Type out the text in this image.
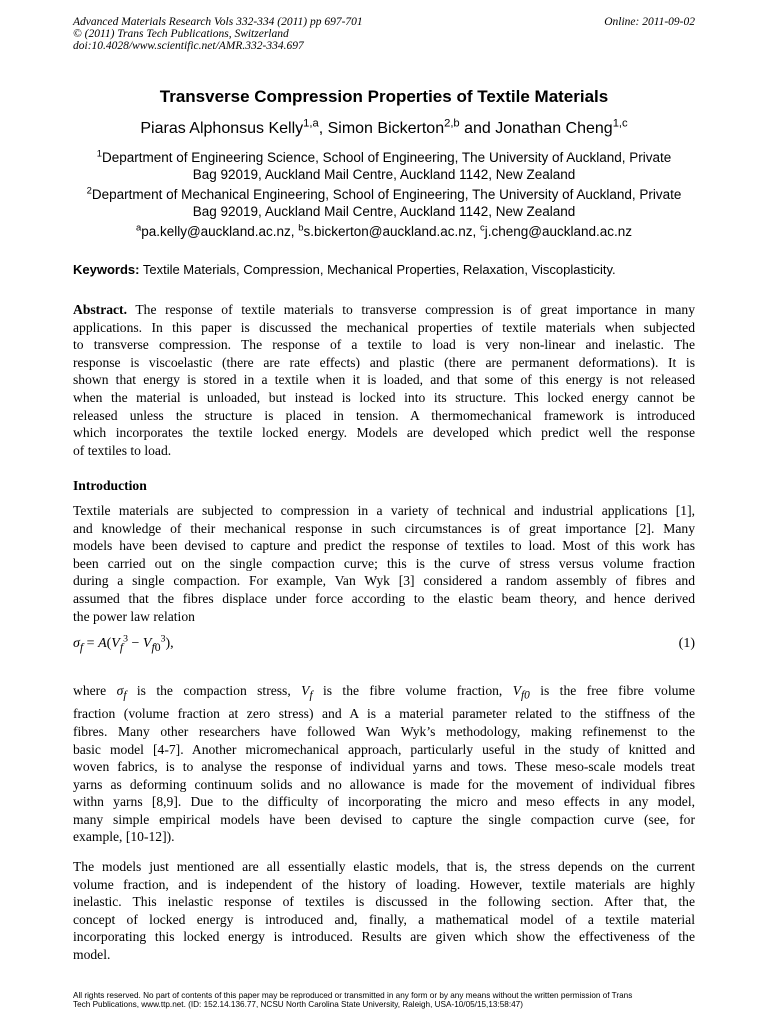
Advanced Materials Research Vols 332-334 (2011) pp 697-701
© (2011) Trans Tech Publications, Switzerland
doi:10.4028/www.scientific.net/AMR.332-334.697
Online: 2011-09-02
Transverse Compression Properties of Textile Materials
Piaras Alphonsus Kelly$^{1,a}$, Simon Bickerton$^{2,b}$ and Jonathan Cheng$^{1,c}$
$^1$Department of Engineering Science, School of Engineering, The University of Auckland, Private
Bag 92019, Auckland Mail Centre, Auckland 1142, New Zealand
$^2$Department of Mechanical Engineering, School of Engineering, The University of Auckland, Private
Bag 92019, Auckland Mail Centre, Auckland 1142, New Zealand
$^a$pa.kelly@auckland.ac.nz, $^b$s.bickerton@auckland.ac.nz, $^c$j.cheng@auckland.ac.nz
Keywords: Textile Materials, Compression, Mechanical Properties, Relaxation, Viscoplasticity.
Abstract. The response of textile materials to transverse compression is of great importance in many
applications. In this paper is discussed the mechanical properties of textile materials when subjected
to transverse compression. The response of a textile to load is very non-linear and inelastic. The
response is viscoelastic (there are rate effects) and plastic (there are permanent deformations). It is
shown that energy is stored in a textile when it is loaded, and that some of this energy is not released
when the material is unloaded, but instead is locked into its structure. This locked energy cannot be
released unless the structure is placed in tension. A thermomechanical framework is introduced
which incorporates the textile locked energy. Models are developed which predict well the response
of textiles to load.
Introduction
Textile materials are subjected to compression in a variety of technical and industrial applications [1],
and knowledge of their mechanical response in such circumstances is of great importance [2]. Many
models have been devised to capture and predict the response of textiles to load. Most of this work has
been carried out on the single compaction curve; this is the curve of stress versus volume fraction
during a single compaction. For example, Van Wyk [3] considered a random assembly of fibres and
assumed that the fibres displace under force according to the elastic beam theory, and hence derived
the power law relation
$\sigma_f = A(V_f^3 - V_{f0}^3)$,	(1)
where $\sigma_f$ is the compaction stress, $V_f$ is the fibre volume fraction, $V_{f0}$ is the free fibre volume
fraction (volume fraction at zero stress) and A is a material parameter related to the stiffness of the
fibres. Many other researchers have followed Wan Wyk’s methodology, making refinemenst to the
basic model [4-7]. Another micromechanical approach, particularly useful in the study of knitted and
woven fabrics, is to analyse the response of individual yarns and tows. These meso-scale models treat
yarns as deforming continuum solids and no allowance is made for the movement of individual fibres
withn yarns [8,9]. Due to the difficulty of incorporating the micro and meso effects in any model,
many simple empirical models have been devised to capture the single compaction curve (see, for
example, [10-12]).
The models just mentioned are all essentially elastic models, that is, the stress depends on the current
volume fraction, and is independent of the history of loading. However, textile materials are highly
inelastic. This inelastic response of textiles is discussed in the following section. After that, the
concept of locked energy is introduced and, finally, a mathematical model of a textile material
incorporating this locked energy is introduced. Results are given which show the effectiveness of the
model.
All rights reserved. No part of contents of this paper may be reproduced or transmitted in any form or by any means without the written permission of Trans
Tech Publications, www.ttp.net. (ID: 152.14.136.77, NCSU North Carolina State University, Raleigh, USA-10/05/15,13:58:47)
